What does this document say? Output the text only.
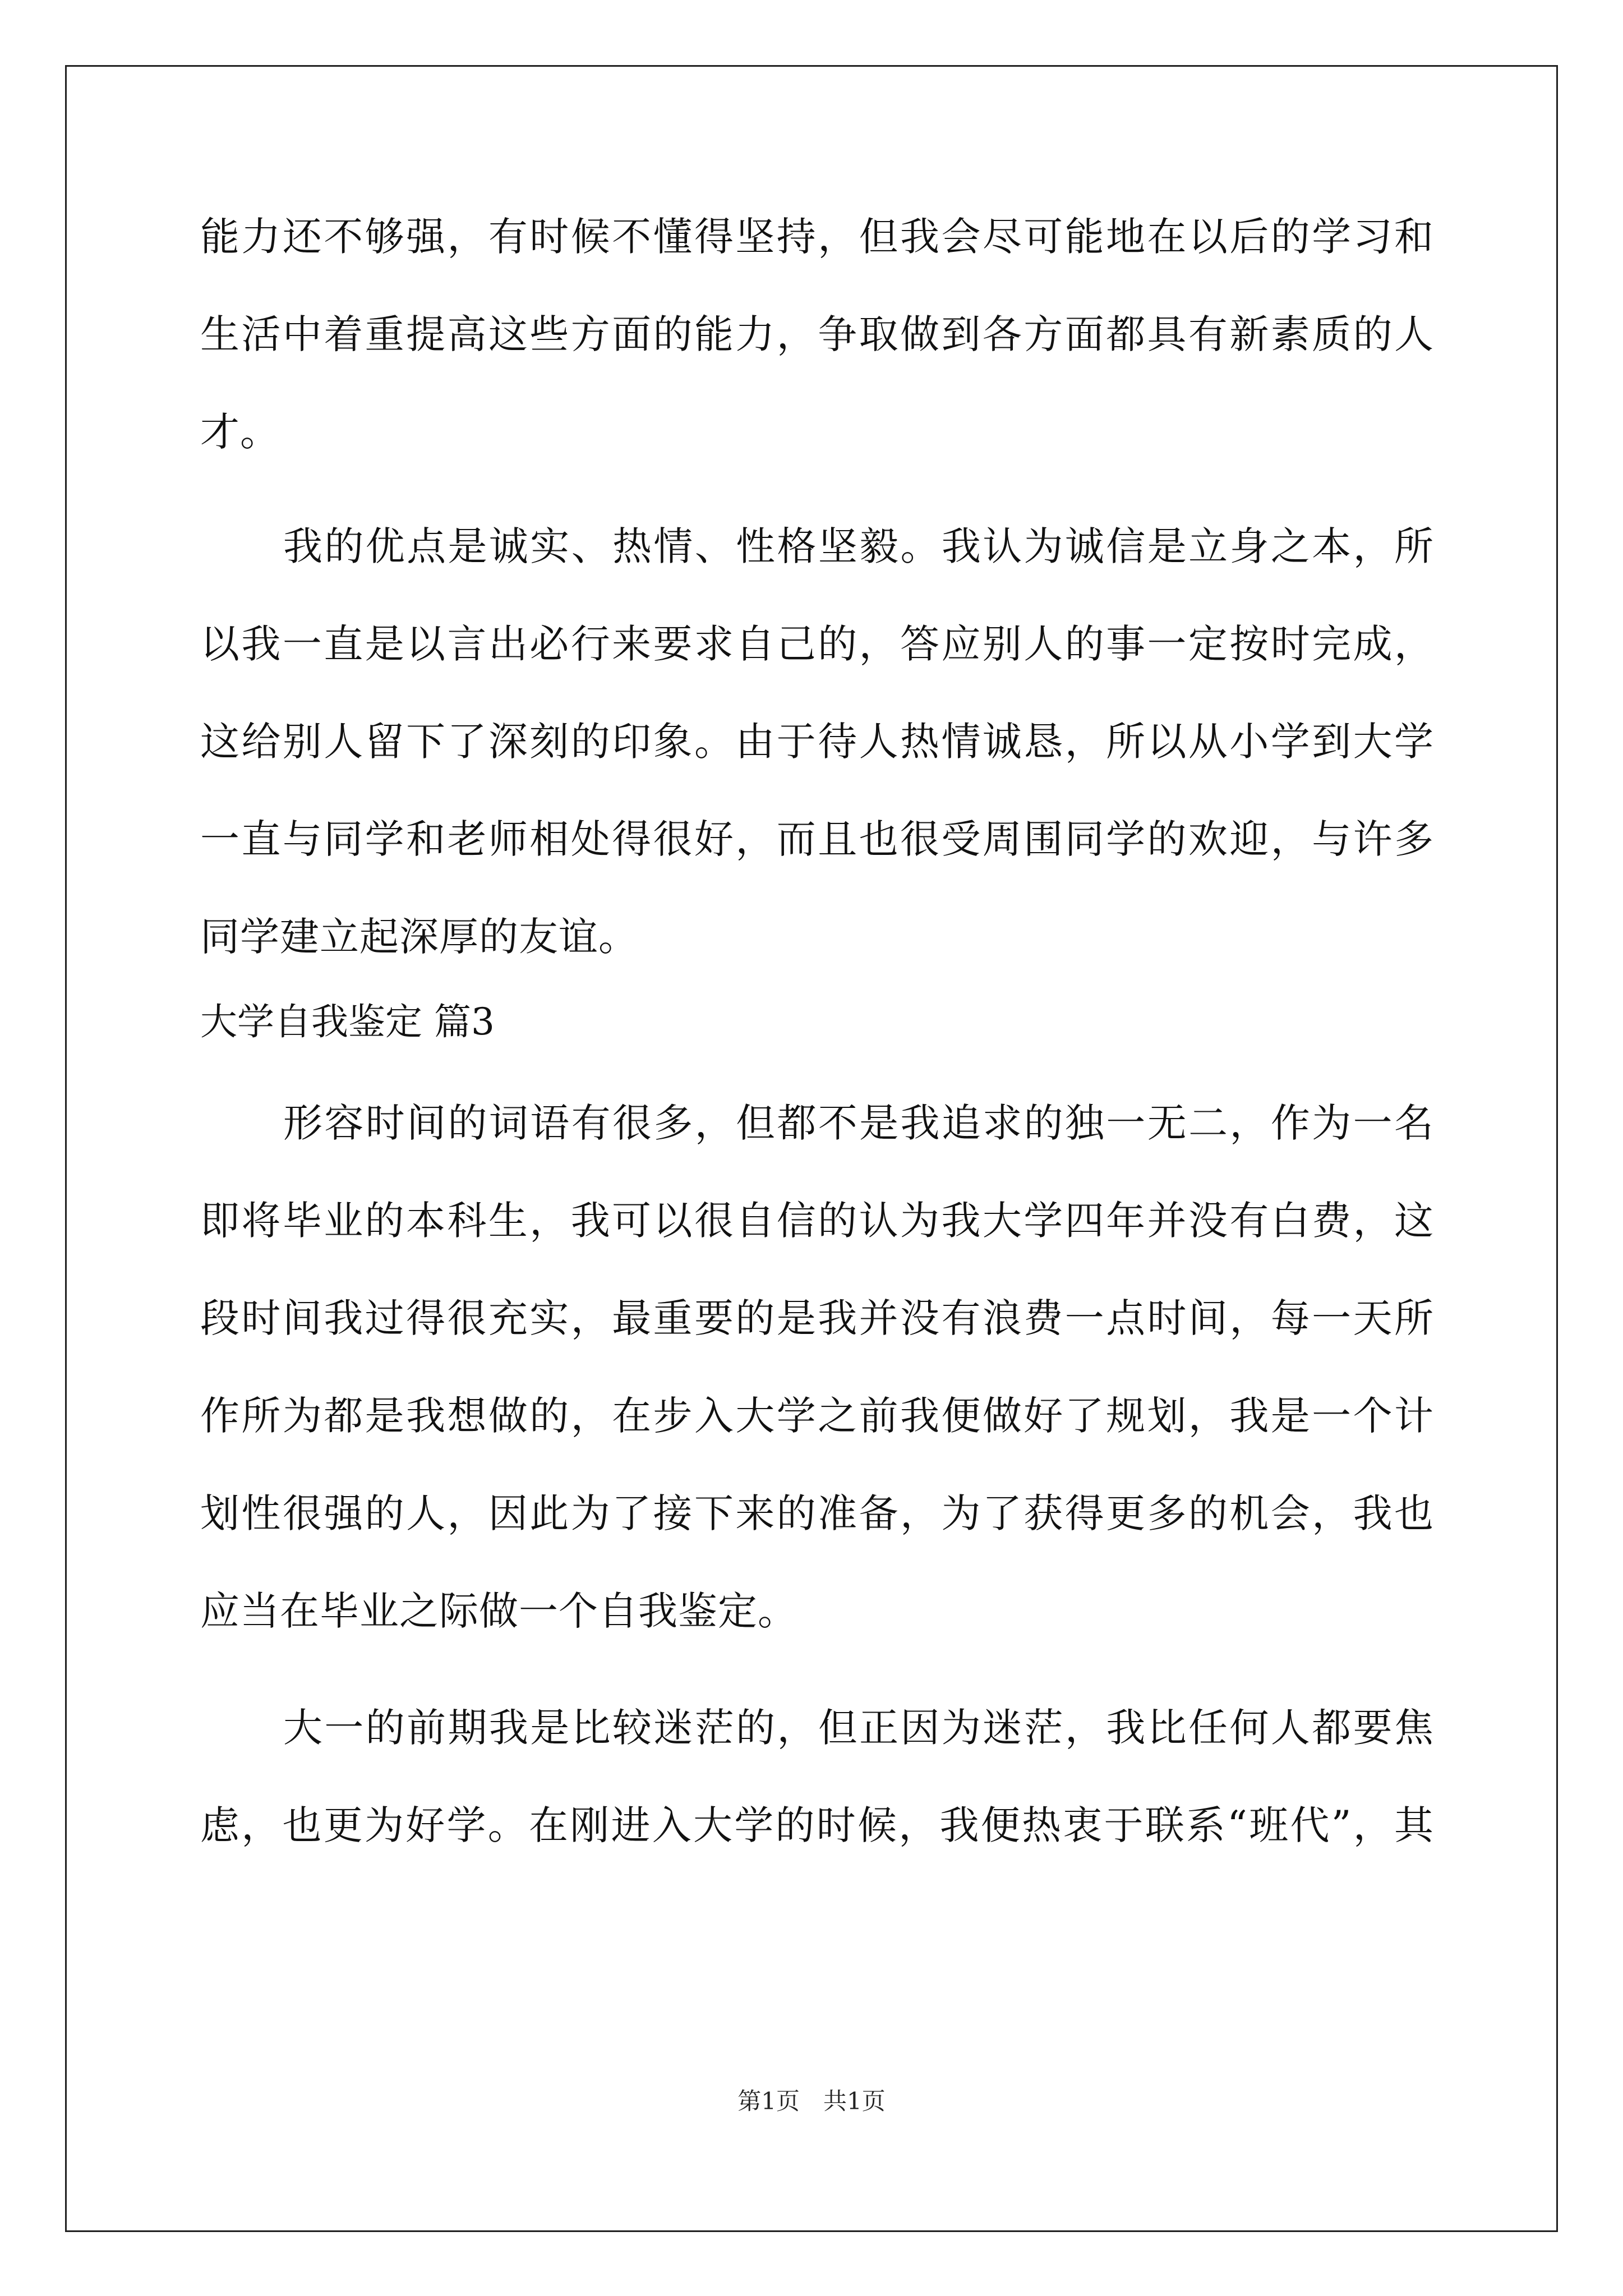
能力还不够强，有时候不懂得坚持，但我会尽可能地在以后的学习和
生活中着重提高这些方面的能力，争取做到各方面都具有新素质的人
才。
我的优点是诚实、热情、性格坚毅。我认为诚信是立身之本，所
以我一直是以言出必行来要求自己的，答应别人的事一定按时完成，
这给别人留下了深刻的印象。由于待人热情诚恳，所以从小学到大学
一直与同学和老师相处得很好，而且也很受周围同学的欢迎，与许多
同学建立起深厚的友谊。
大学自我鉴定 篇3
形容时间的词语有很多，但都不是我追求的独一无二，作为一名
即将毕业的本科生，我可以很自信的认为我大学四年并没有白费，这
段时间我过得很充实，最重要的是我并没有浪费一点时间，每一天所
作所为都是我想做的，在步入大学之前我便做好了规划，我是一个计
划性很强的人，因此为了接下来的准备，为了获得更多的机会，我也
应当在毕业之际做一个自我鉴定。
大一的前期我是比较迷茫的，但正因为迷茫，我比任何人都要焦
虑，也更为好学。在刚进入大学的时候，我便热衷于联系“班代”，其
第1页　共1页
